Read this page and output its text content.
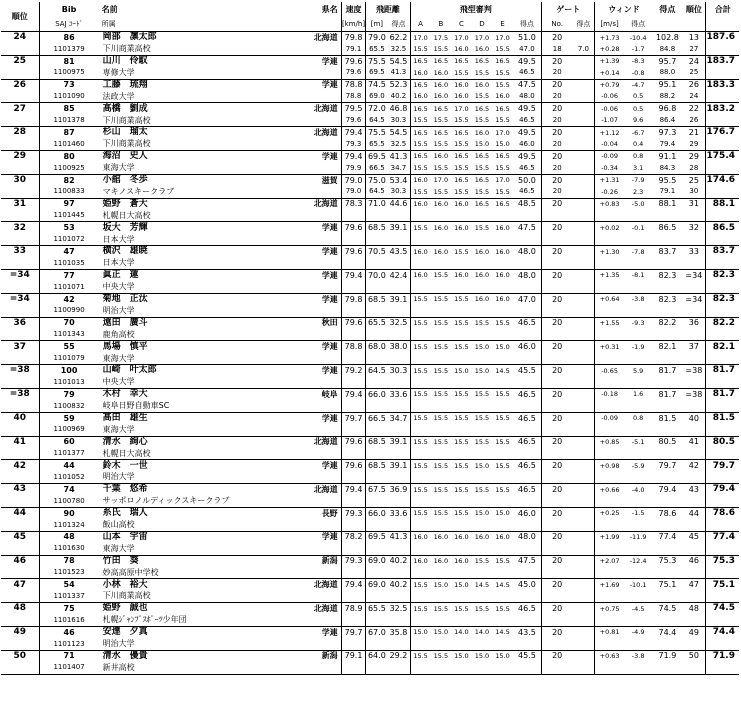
順位	Bib	名前	県名	速度	飛距離		飛型審判						ゲート		ウィンド		得点	順位	合計
	SAJ ｺｰﾄﾞ	所属		[km/h]	[m]	得点	A	B	C	D	E	得点	No.	得点	[m/s]	得点			
24	86	岡部　凛太郎	北海道	79.8	79.0	62.2	17.0	17.5	17.0	17.0	17.0	51.0	20		+1.73	-10.4	102.8	13	187.6
	1101379	下川商業高校		79.1	65.5	32.5	15.5	15.5	16.0	16.0	15.5	47.0	18	7.0	+0.28	-1.7	84.8	27	
25	81	山川　伶馭	学連	79.6	75.5	54.5	16.5	16.5	16.5	16.5	16.5	49.5	20		+1.39	-8.3	95.7	24	183.7
	1100975	専修大学		79.6	69.5	41.3	16.0	16.0	15.5	15.5	15.5	46.5	20		+0.14	-0.8	88.0	25	
26	73	工藤　琉翔	学連	78.8	74.5	52.3	16.5	16.0	16.0	16.0	15.5	47.5	20		+0.79	-4.7	95.1	26	183.3
	1101090	法政大学		78.8	69.0	40.2	16.0	16.0	16.0	15.5	16.0	48.0	20		-0.06	0.5	88.2	24	
27	85	高橋　劉成	北海道	79.5	72.0	46.8	16.5	16.5	17.0	16.5	16.5	49.5	20		-0.06	0.5	96.8	22	183.2
	1101378	下川商業高校		79.6	64.5	30.3	15.5	15.5	15.5	15.5	15.5	46.5	20		-1.07	9.6	86.4	26	
28	87	杉山　瑠太	北海道	79.4	75.5	54.5	16.5	16.5	16.5	16.0	17.0	49.5	20		+1.12	-6.7	97.3	21	176.7
	1101460	下川商業高校		79.3	65.5	32.5	15.5	15.5	15.5	15.0	15.0	46.0	20		-0.04	0.4	79.4	29	
29	80	海沼　史人	学連	79.4	69.5	41.3	16.5	16.0	16.5	16.5	16.5	49.5	20		-0.09	0.8	91.1	29	175.4
	1100925	東海大学		79.9	66.5	34.7	15.5	15.5	15.5	15.5	15.5	46.5	20		-0.34	3.1	84.3	28	
30	82	小舘　冬歩	滋賀	79.0	75.0	53.4	16.0	17.0	16.5	16.5	17.0	50.0	20		+1.31	-7.9	95.5	25	174.6
	1100833	マキノスキークラブ		79.0	64.5	30.3	15.5	15.5	15.5	15.5	15.5	46.5	20		-0.26	2.3	79.1	30	
31	97	姫野　蒼大	北海道	78.3	71.0	44.6	16.0	16.0	16.0	16.5	16.5	48.5	20		+0.83	-5.0	88.1	31	88.1
	1101445	札幌日大高校																	
32	53	坂大　芳輝	学連	79.6	68.5	39.1	15.5	16.0	16.0	15.5	16.0	47.5	20		+0.02	-0.1	86.5	32	86.5
	1101072	日本大学																	
33	47	横沢　雄暁	学連	79.6	70.5	43.5	16.0	16.0	15.5	16.0	16.0	48.0	20		+1.30	-7.8	83.7	33	83.7
	1101035	日本大学																	
=34	77	眞正　蓮	学連	79.4	70.0	42.4	16.0	15.5	16.0	16.0	16.0	48.0	20		+1.35	-8.1	82.3	=34	82.3
	1101071	中央大学																	
=34	42	菊地　正汰	学連	79.8	68.5	39.1	15.5	15.5	15.5	16.0	16.0	47.0	20		+0.64	-3.8	82.3	=34	82.3
	1100990	明治大学																	
36	70	遠田　廣斗	秋田	79.6	65.5	32.5	15.5	15.5	15.5	15.5	15.5	46.5	20		+1.55	-9.3	82.2	36	82.2
	1101343	鹿角高校																	
37	55	馬場　慎平	学連	78.8	68.0	38.0	15.5	15.5	15.5	15.0	15.0	46.0	20		+0.31	-1.9	82.1	37	82.1
	1101079	東海大学																	
=38	100	山崎　叶太郎	学連	79.2	64.5	30.3	15.5	15.5	15.0	15.0	14.5	45.5	20		-0.65	5.9	81.7	=38	81.7
	1101013	中央大学																	
=38	79	木村　幸大	岐阜	79.4	66.0	33.6	15.5	15.5	15.5	15.5	15.5	46.5	20		-0.18	1.6	81.7	=38	81.7
	1100832	岐阜日野自動車SC																	
40	59	高田　雄生	学連	79.7	66.5	34.7	15.5	15.5	15.5	15.5	15.5	46.5	20		-0.09	0.8	81.5	40	81.5
	1100969	東海大学																	
41	60	清水　絢心	北海道	79.6	68.5	39.1	15.5	15.5	15.5	15.5	15.5	46.5	20		+0.85	-5.1	80.5	41	80.5
	1101377	札幌日大高校																	
42	44	鈴木　一世	学連	79.6	68.5	39.1	15.5	15.5	15.5	15.0	15.5	46.5	20		+0.98	-5.9	79.7	42	79.7
	1101052	明治大学																	
43	74	千葉　悠希	北海道	79.4	67.5	36.9	15.5	15.5	15.5	15.5	15.5	46.5	20		+0.66	-4.0	79.4	43	79.4
	1100780	サッポロノルディックスキークラブ																	
44	90	糸氏　瑞人	長野	79.3	66.0	33.6	15.5	15.5	15.5	15.0	15.0	46.0	20		+0.25	-1.5	78.6	44	78.6
	1101324	飯山高校																	
45	48	山本　宇宙	学連	78.2	69.5	41.3	16.0	16.0	16.0	16.0	16.0	48.0	20		+1.99	-11.9	77.4	45	77.4
	1101630	東海大学																	
46	78	竹田　葵	新潟	79.3	69.0	40.2	16.0	16.0	16.0	15.5	15.5	47.5	20		+2.07	-12.4	75.3	46	75.3
	1101523	妙高高原中学校																	
47	54	小林　裕大	北海道	79.4	69.0	40.2	15.5	15.0	15.0	14.5	14.5	45.0	20		+1.69	-10.1	75.1	47	75.1
	1101337	下川商業高校																	
48	75	姫野　誠也	北海道	78.9	65.5	32.5	15.5	15.5	15.5	15.5	15.5	46.5	20		+0.75	-4.5	74.5	48	74.5
	1101616	札幌ｼﾞｬﾝﾌﾟｽﾎﾟｰﾂ少年団																	
49	46	安達　夕真	学連	79.7	67.0	35.8	15.0	15.0	14.0	14.0	14.5	43.5	20		+0.81	-4.9	74.4	49	74.4
	1101123	明治大学																	
50	71	清水　優貴	新潟	79.1	64.0	29.2	15.5	15.5	15.0	15.0	15.0	45.5	20		+0.63	-3.8	71.9	50	71.9
	1101407	新井高校																	
